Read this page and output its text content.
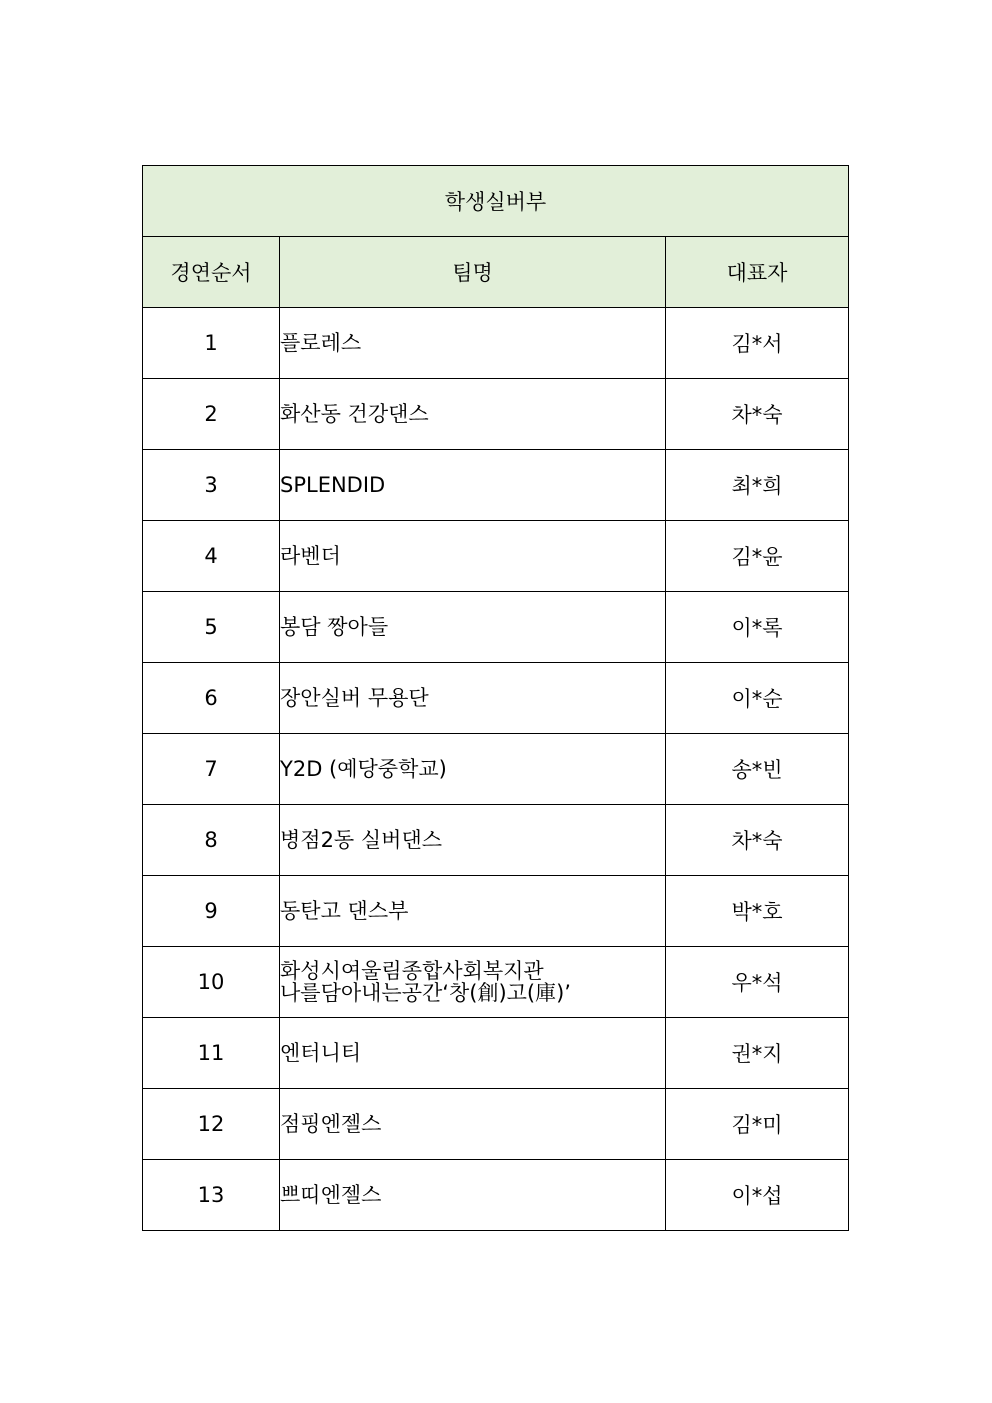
학생실버부		
경연순서	팀명	대표자
1	플로레스	김*서
2	화산동 건강댄스	차*숙
3	SPLENDID	최*희
4	라벤더	김*윤
5	봉담 짱아들	이*록
6	장안실버 무용단	이*순
7	Y2D (예당중학교)	송*빈
8	병점2동 실버댄스	차*숙
9	동탄고 댄스부	박*호
10	화성시여울림종합사회복지관
나를담아내는공간‘창(創)고(庫)’	우*석
11	엔터니티	권*지
12	점핑엔젤스	김*미
13	쁘띠엔젤스	이*섭
